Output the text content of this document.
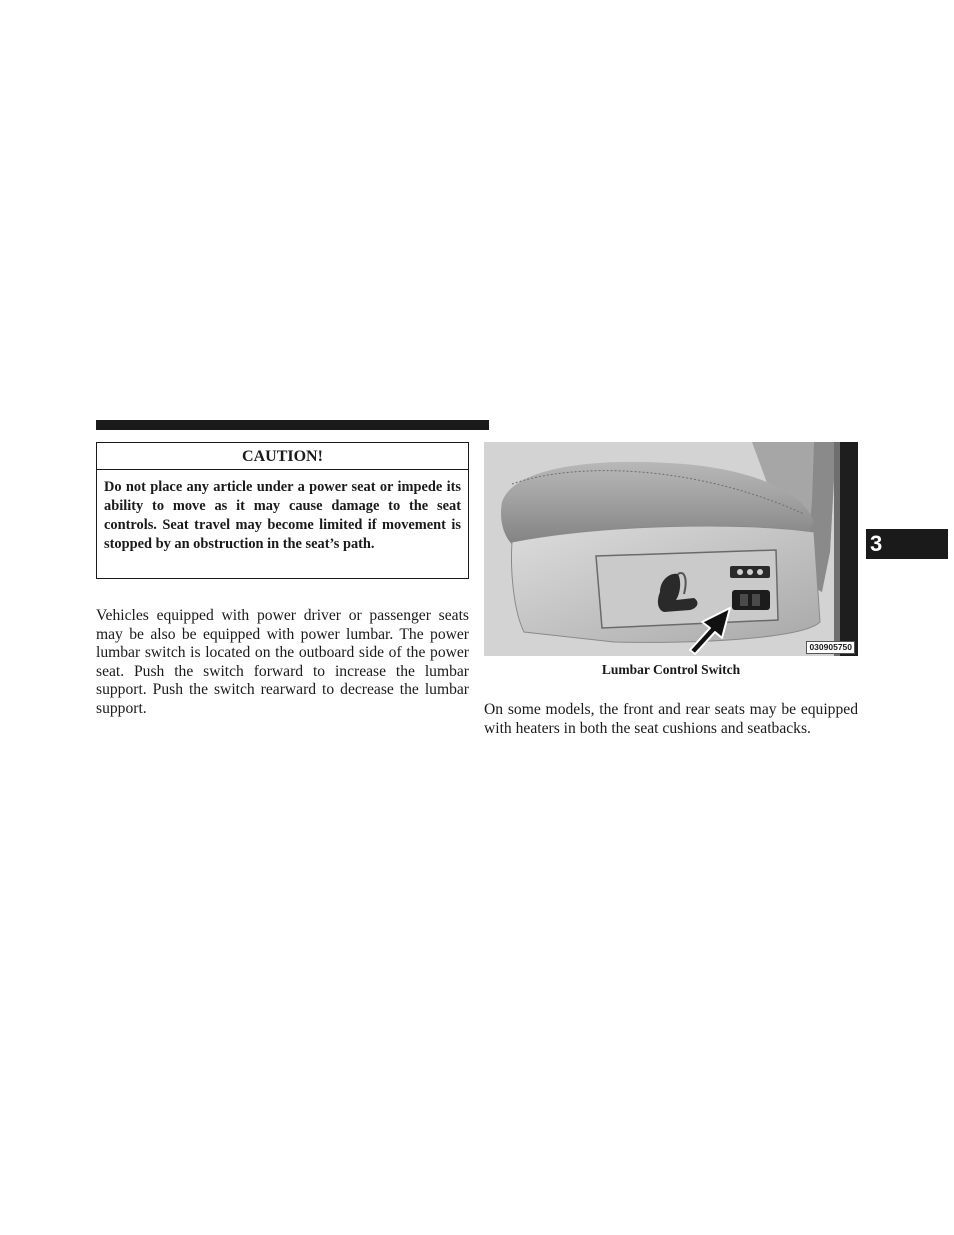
CAUTION!
Do not place any article under a power seat or impede its ability to move as it may cause damage to the seat controls. Seat travel may become limited if movement is stopped by an obstruction in the seat’s path.
Vehicles equipped with power driver or passenger seats may be also be equipped with power lumbar. The power lumbar switch is located on the outboard side of the power seat. Push the switch forward to increase the lumbar support. Push the switch rearward to decrease the lumbar support.
030905750
Lumbar Control Switch
On some models, the front and rear seats may be equipped with heaters in both the seat cushions and seatbacks.
3
